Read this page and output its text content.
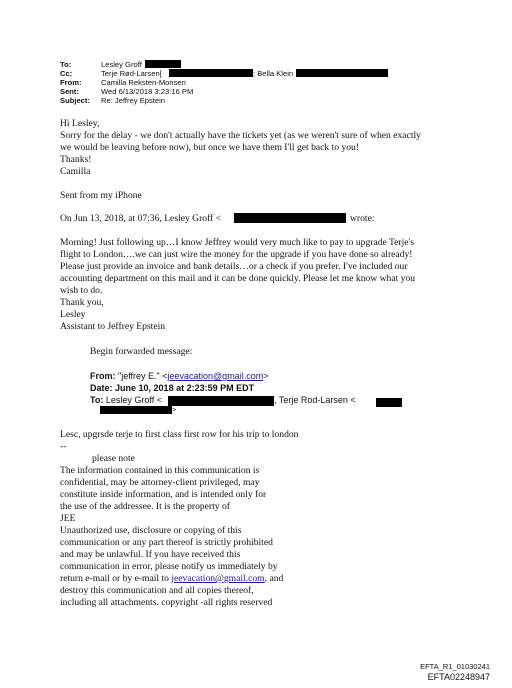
To:	Lesley Groff
Cc:	Terje Rød-Larsen[	; Bella Klein
From:	Camilla Reksten-Monsen
Sent:	Wed 6/13/2018 3:23:16 PM
Subject: Re: Jeffrey Epstein
Hi Lesley,
Sorry for the delay - we don't actually have the tickets yet (as we weren't sure of when exactly
we would be leaving before now), but once we have them I'll get back to you!
Thanks!
Camilla
Sent from my iPhone
On Jun 13, 2018, at 07:36, Lesley Groff <	wrote:
Morning! Just following up…I know Jeffrey would very much like to pay to upgrade Terje's
flight to London….we can just wire the money for the upgrade if you have done so already!
Please just provide an invoice and bank details…or a check if you prefer. I've included our
accounting department on this mail and it can be done quickly. Please let me know what you
wish to do.
Thank you,
Lesley
Assistant to Jeffrey Epstein
Begin forwarded message:
From: "jeffrey E." <jeevacation@gmail.com>
Date: June 10, 2018 at 2:23:59 PM EDT
To: Lesley Groff <	, Terje Rod-Larsen <
>
Lesc, upgrsde terje to first class first row for his trip to london
--
please note
The information contained in this communication is
confidential, may be attorney-client privileged, may
constitute inside information, and is intended only for
the use of the addressee. It is the property of
JEE
Unauthorized use, disclosure or copying of this
communication or any part thereof is strictly prohibited
and may be unlawful. If you have received this
communication in error, please notify us immediately by
return e-mail or by e-mail to jeevacation@gmail.com, and
destroy this communication and all copies thereof,
including all attachments. copyright -all rights reserved
EFTA_R1_01030241
EFTA02248947
